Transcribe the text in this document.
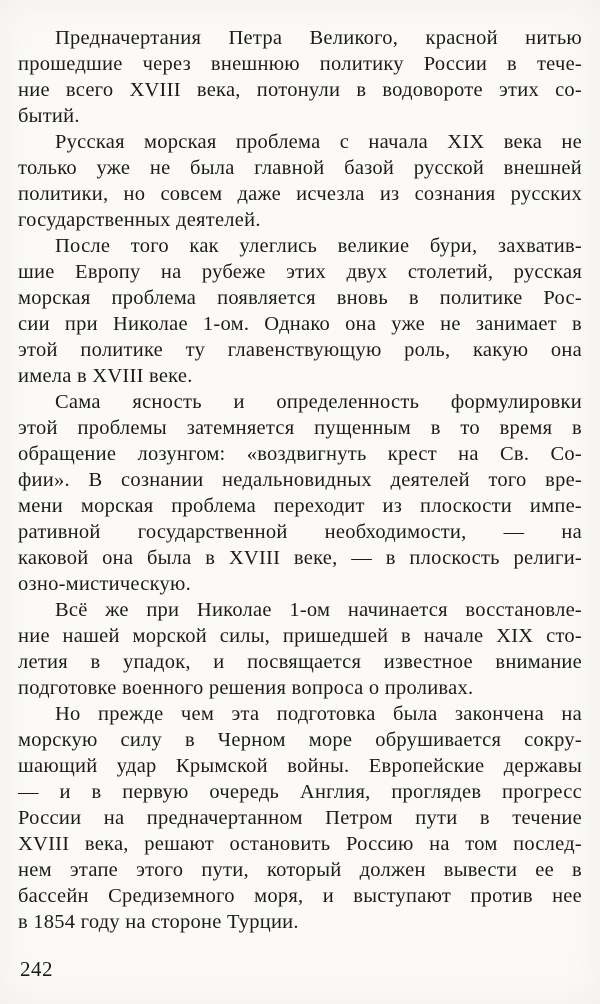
Предначертания Петра Великого, красной нитью
прошедшие через внешнюю политику России в тече-
ние всего XVIII века, потонули в водовороте этих со-
бытий.
Русская морская проблема с начала XIX века не
только уже не была главной базой русской внешней
политики, но совсем даже исчезла из сознания русских
государственных деятелей.
После того как улеглись великие бури, захватив-
шие Европу на рубеже этих двух столетий, русская
морская проблема появляется вновь в политике Рос-
сии при Николае 1-ом. Однако она уже не занимает в
этой политике ту главенствующую роль, какую она
имела в XVIII веке.
Сама ясность и определенность формулировки
этой проблемы затемняется пущенным в то время в
обращение лозунгом: «воздвигнуть крест на Св. Со-
фии». В сознании недальновидных деятелей того вре-
мени морская проблема переходит из плоскости импе-
ративной государственной необходимости, — на
каковой она была в XVIII веке, — в плоскость религи-
озно-мистическую.
Всё же при Николае 1-ом начинается восстановле-
ние нашей морской силы, пришедшей в начале XIX сто-
летия в упадок, и посвящается известное внимание
подготовке военного решения вопроса о проливах.
Но прежде чем эта подготовка была закончена на
морскую силу в Черном море обрушивается сокру-
шающий удар Крымской войны. Европейские державы
— и в первую очередь Англия, проглядев прогресс
России на предначертанном Петром пути в течение
XVIII века, решают остановить Россию на том послед-
нем этапе этого пути, который должен вывести ее в
бассейн Средиземного моря, и выступают против нее
в 1854 году на стороне Турции.
242
